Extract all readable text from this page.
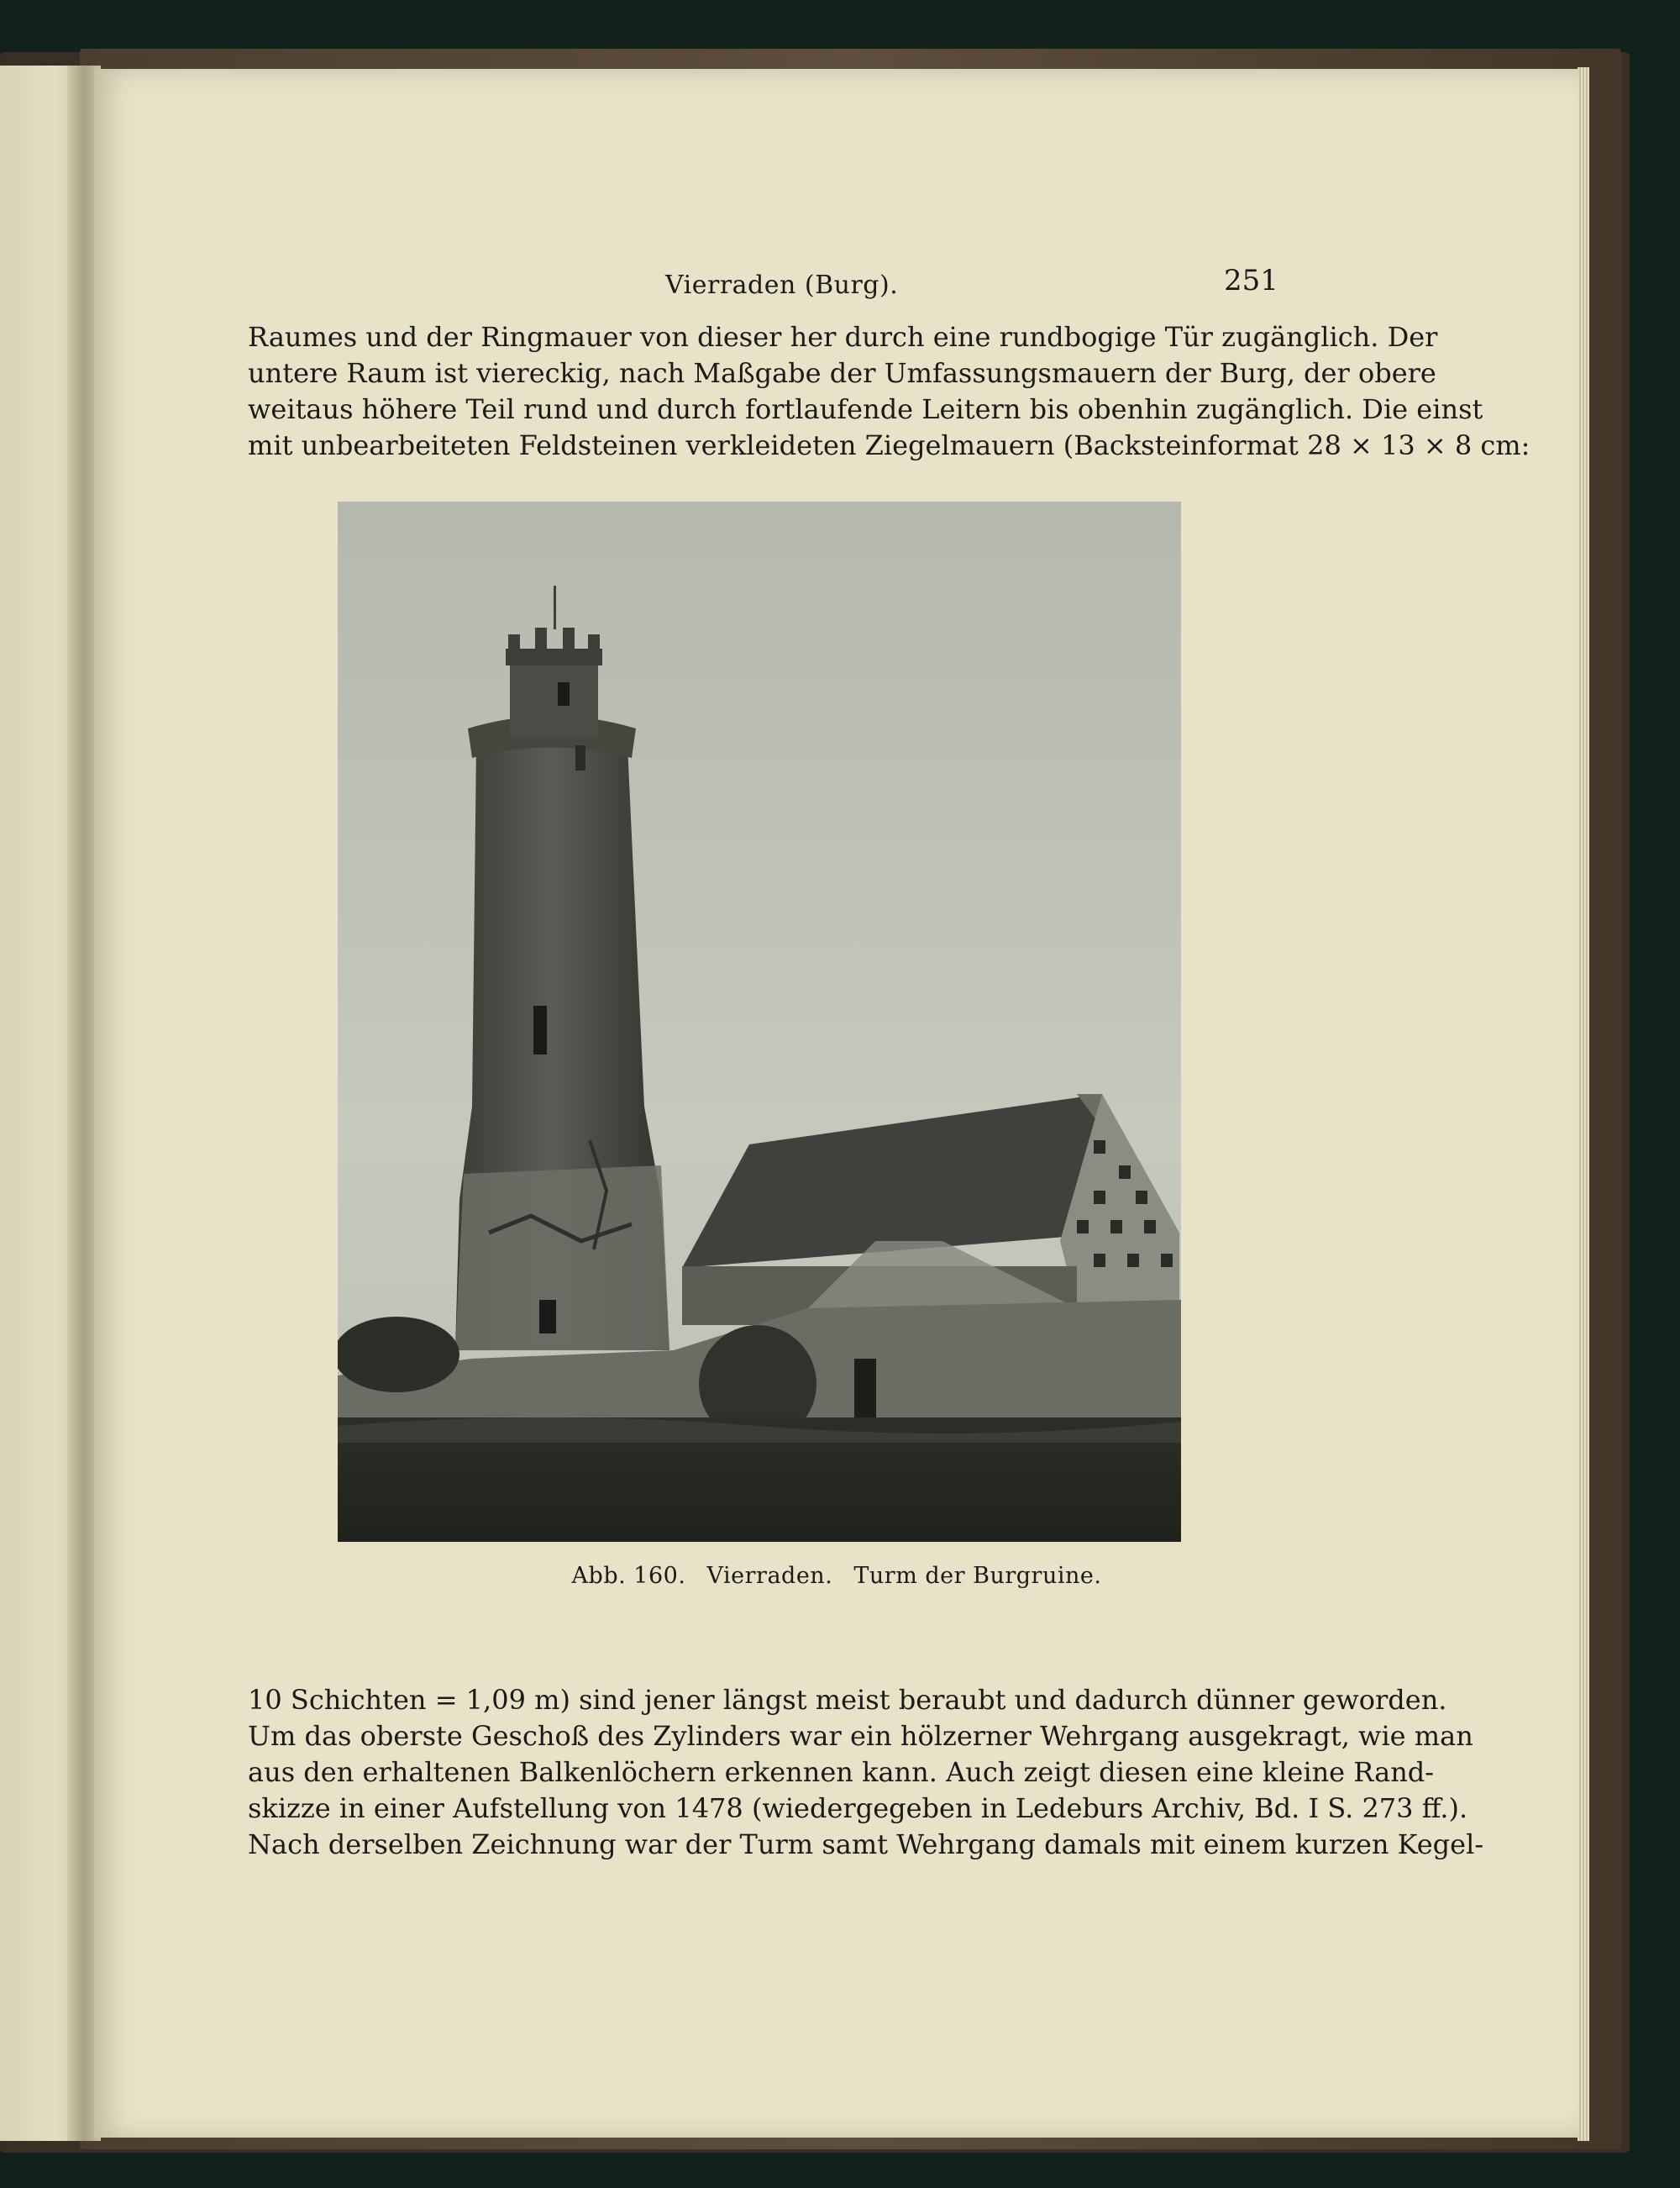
Vierraden (Burg).	251
Raumes und der Ringmauer von dieser her durch eine rundbogige Tür zugänglich. Der
untere Raum ist viereckig, nach Maßgabe der Umfassungsmauern der Burg, der obere
weitaus höhere Teil rund und durch fortlaufende Leitern bis obenhin zugänglich. Die einst
mit unbearbeiteten Feldsteinen verkleideten Ziegelmauern (Backsteinformat 28 × 13 × 8 cm:
Abb. 160. Vierraden. Turm der Burgruine.
10 Schichten = 1,09 m) sind jener längst meist beraubt und dadurch dünner geworden.
Um das oberste Geschoß des Zylinders war ein hölzerner Wehrgang ausgekragt, wie man
aus den erhaltenen Balkenlöchern erkennen kann. Auch zeigt diesen eine kleine Rand-
skizze in einer Aufstellung von 1478 (wiedergegeben in Ledeburs Archiv, Bd. I S. 273 ff.).
Nach derselben Zeichnung war der Turm samt Wehrgang damals mit einem kurzen Kegel-
